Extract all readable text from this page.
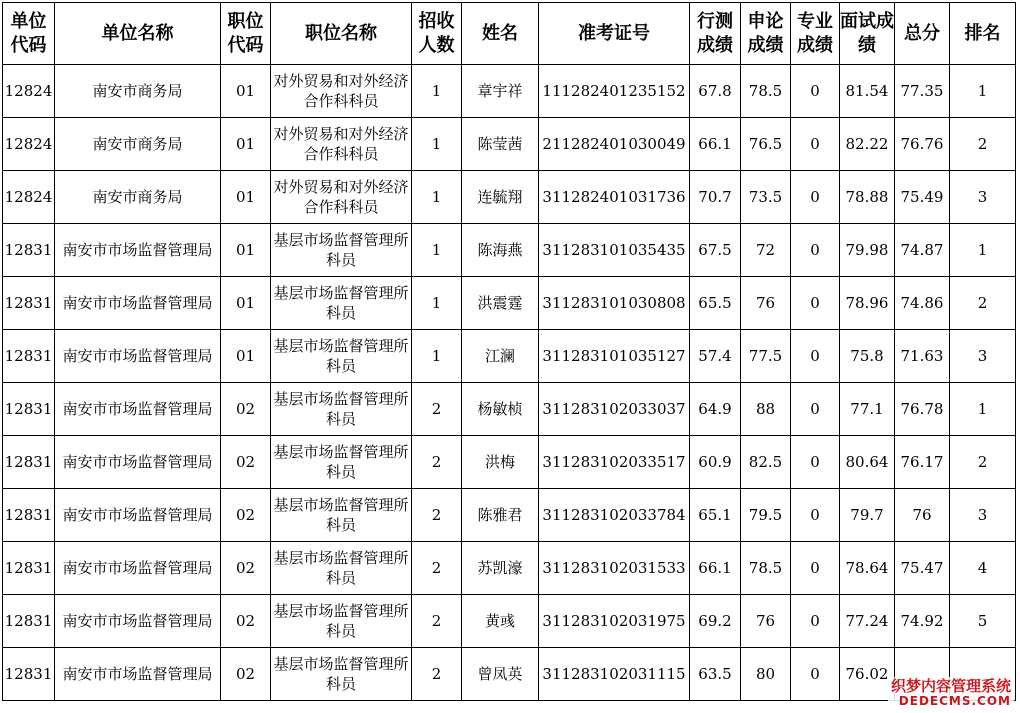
单位代码	单位名称	职位代码	职位名称	招收人数	姓名	准考证号	行测成绩	申论成绩	专业成绩	面试成绩	总分	排名
12824	南安市商务局	01	对外贸易和对外经济合作科科员	1	章宇祥	111282401235152	67.8	78.5	0	81.54	77.35	1
12824	南安市商务局	01	对外贸易和对外经济合作科科员	1	陈莹茜	211282401030049	66.1	76.5	0	82.22	76.76	2
12824	南安市商务局	01	对外贸易和对外经济合作科科员	1	连毓翔	311282401031736	70.7	73.5	0	78.88	75.49	3
12831	南安市市场监督管理局	01	基层市场监督管理所科员	1	陈海燕	311283101035435	67.5	72	0	79.98	74.87	1
12831	南安市市场监督管理局	01	基层市场监督管理所科员	1	洪震霆	311283101030808	65.5	76	0	78.96	74.86	2
12831	南安市市场监督管理局	01	基层市场监督管理所科员	1	江澜	311283101035127	57.4	77.5	0	75.8	71.63	3
12831	南安市市场监督管理局	02	基层市场监督管理所科员	2	杨敏桢	311283102033037	64.9	88	0	77.1	76.78	1
12831	南安市市场监督管理局	02	基层市场监督管理所科员	2	洪梅	311283102033517	60.9	82.5	0	80.64	76.17	2
12831	南安市市场监督管理局	02	基层市场监督管理所科员	2	陈雅君	311283102033784	65.1	79.5	0	79.7	76	3
12831	南安市市场监督管理局	02	基层市场监督管理所科员	2	苏凯濠	311283102031533	66.1	78.5	0	78.64	75.47	4
12831	南安市市场监督管理局	02	基层市场监督管理所科员	2	黄彧	311283102031975	69.2	76	0	77.24	74.92	5
12831	南安市市场监督管理局	02	基层市场监督管理所科员	2	曾凤英	311283102031115	63.5	80	0	76.02		
织梦内容管理系统
DEDECMS.COM
